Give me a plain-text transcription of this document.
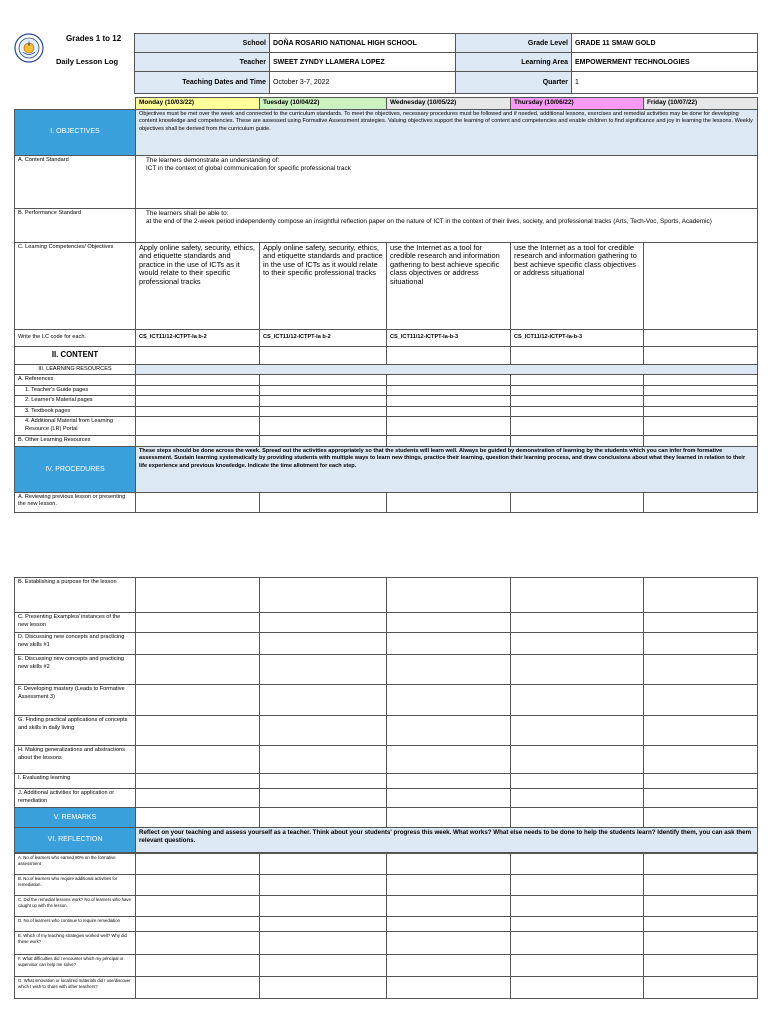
Grades 1 to 12
Daily Lesson Log
School	DOÑA ROSARIO NATIONAL HIGH SCHOOL	Grade Level	GRADE 11 SMAW GOLD
Teacher	SWEET ZYNDY LLAMERA LOPEZ	Learning Area	EMPOWERMENT TECHNOLOGIES
Teaching Dates and Time	October 3-7, 2022	Quarter	1
	Monday (10/03/22)	Tuesday (10/04/22)	Wednesday (10/05/22)	Thursday (10/06/22)	Friday (10/07/22)
I. OBJECTIVES	Objectives must be met over the week and connected to the curriculum standards. To meet the objectives, necessary procedures must be followed and if needed, additional lessons, exercises and remedial activities may be done for developing content knowledge and competencies. These are assessed using Formative Assessment strategies. Valuing objectives support the learning of content and competencies and enable children to find significance and joy in learning the lessons. Weekly objectives shall be derived from the curriculum guide.				
A. Content Standard	The learners demonstrate an understanding of:
ICT in the context of global communication for specific professional track				

B. Performance Standard	The learners shall be able to:
at the end of the 2-week period independently compose an insightful reflection paper on the nature of ICT in the context of their lives, society, and professional tracks (Arts, Tech-Voc, Sports, Academic)				

C. Learning Competencies/ Objectives	Apply online safety, security, ethics, and etiquette standards and practice in the use of ICTs as it would relate to their specific professional tracks	Apply online safety, security, ethics, and etiquette standards and practice in the use of ICTs as it would relate to their specific professional tracks	use the Internet as a tool for credible research and information gathering to best achieve specific class objectives or address situational	use the Internet as a tool for credible research and information gathering to best achieve specific class objectives or address situational	
Write the LC code for each.	CS_ICT11/12-ICTPT-Ia b-2	CS_ICT11/12-ICTPT-Ia b-2	CS_ICT11/12-ICTPT-Ia-b-3	CS_ICT11/12-ICTPT-Ia-b-3	
II. CONTENT					
III. LEARNING RESOURCES					
A. References					
1. Teacher's Guide pages					
2. Learner's Material pages					
3. Textbook pages					
4. Additional Material from Learning Resource (LR) Portal					
B. Other Learning Resources					
IV. PROCEDURES	These steps should be done across the week. Spread out the activities appropriately so that the students will learn well. Always be guided by demonstration of learning by the students which you can infer from formative assessment. Sustain learning systematically by providing students with multiple ways to learn new things, practice their learning, question their learning process, and draw conclusions about what they learned in relation to their life experience and previous knowledge. Indicate the time allotment for each step.				
A. Reviewing previous lesson or presenting the new lesson.					
B. Establishing a purpose for the lesson					
C. Presenting Examples/ instances of the new lesson					
D. Discussing new concepts and practicing new skills #1					
E. Discussing new concepts and practicing new skills #2					
F. Developing mastery (Leads to Formative Assessment 3)					
G. Finding practical applications of concepts and skills in daily living					
H. Making generalizations and abstractions about the lessons					
I. Evaluating learning					
J. Additional activities for application or remediation					
V. REMARKS					
VI. REFLECTION	Reflect on your teaching and assess yourself as a teacher. Think about your students' progress this week. What works? What else needs to be done to help the students learn? Identify them, you can ask them relevant questions.				
A. No.of learners who earned 80% on the formative assessment					
B. No.of learners who require additional activities for remediation.					
C. Did the remedial lessons work? No.of learners who have caught up with the lesson.					
D. No.of learners who continue to require remediation					
E. Which of my teaching strategies worked well? Why did these work?					
F. What difficulties did I encounter which my principal or supervisor can help me solve?					
G. What innovation or localized materials did I use/discover which I wish to share with other teachers?					
